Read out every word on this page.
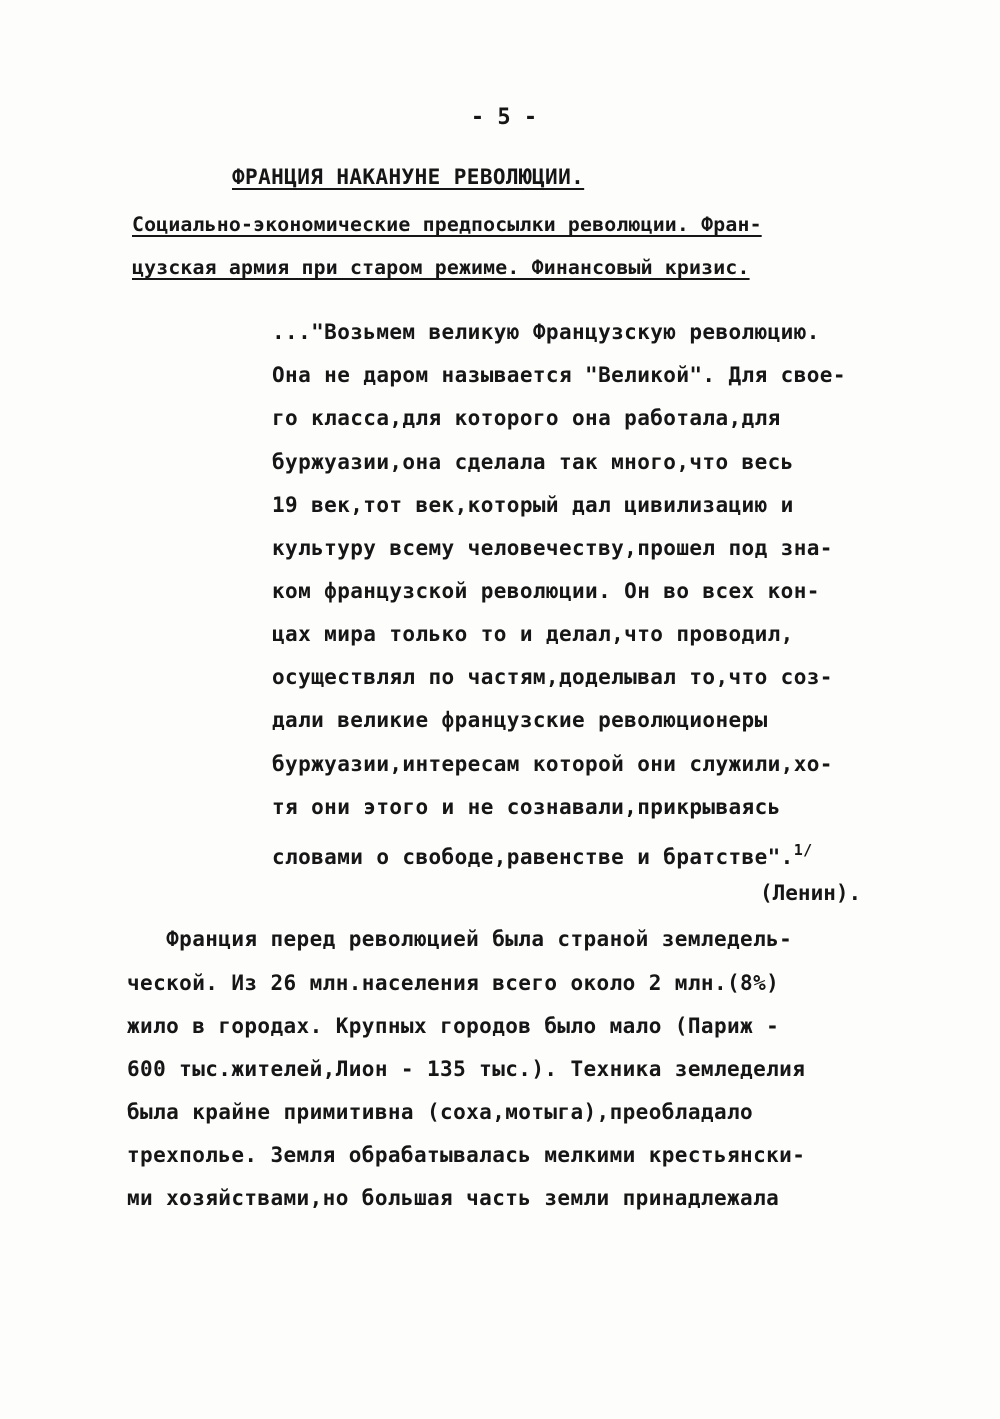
- 5 -
ФРАНЦИЯ НАКАНУНЕ РЕВОЛЮЦИИ.
Социально-экономические предпосылки революции. Фран-
цузская армия при старом режиме. Финансовый кризис.
..."Возьмем великую Французскую революцию.
Она не даром называется "Великой". Для свое-
го класса,для которого она работала,для
буржуазии,она сделала так много,что весь
19 век,тот век,который дал цивилизацию и
культуру всему человечеству,прошел под зна-
ком французской революции. Он во всех кон-
цах мира только то и делал,что проводил,
осуществлял по частям,доделывал то,что соз-
дали великие французские революционеры
буржуазии,интересам которой они служили,хо-
тя они этого и не сознавали,прикрываясь
словами о свободе,равенстве и братстве".$^{1/}$
(Ленин).
Франция перед революцией была страной земледель-
ческой. Из 26 млн.населения всего около 2 млн.(8%)
жило в городах. Крупных городов было мало (Париж -
600 тыс.жителей,Лион - 135 тыс.). Техника земледелия
была крайне примитивна (соха,мотыга),преобладало
трехполье. Земля обрабатывалась мелкими крестьянски-
ми хозяйствами,но большая часть земли принадлежала
